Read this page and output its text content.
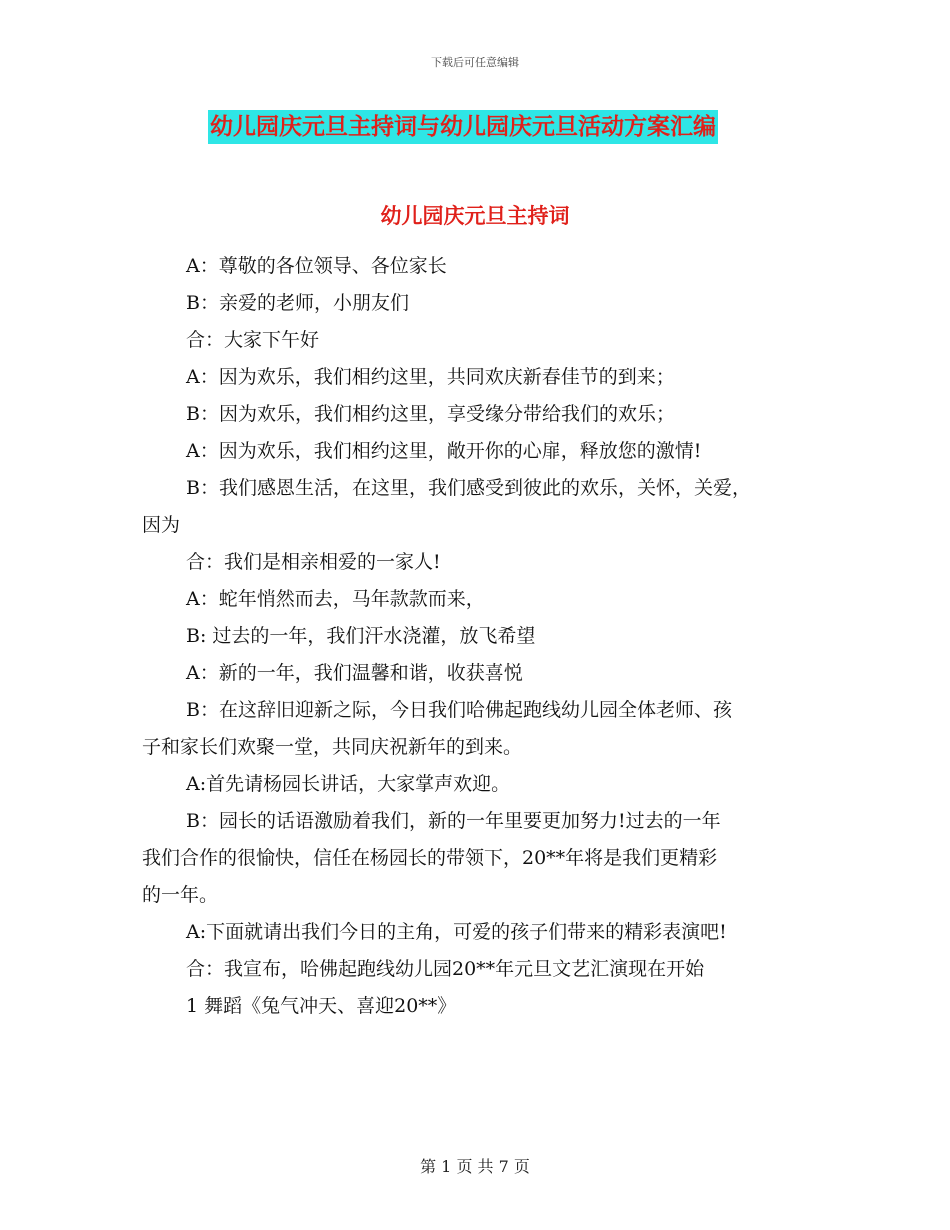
下载后可任意编辑
幼儿园庆元旦主持词与幼儿园庆元旦活动方案汇编
幼儿园庆元旦主持词

A：尊敬的各位领导、各位家长

B：亲爱的老师，小朋友们

合：大家下午好

A：因为欢乐，我们相约这里，共同欢庆新春佳节的到来；

B：因为欢乐，我们相约这里，享受缘分带给我们的欢乐；

A：因为欢乐，我们相约这里，敞开你的心扉，释放您的激情!

B：我们感恩生活，在这里，我们感受到彼此的欢乐，关怀，关爱，
因为

合：我们是相亲相爱的一家人!

A：蛇年悄然而去，马年款款而来，

B: 过去的一年，我们汗水浇灌，放飞希望

A：新的一年，我们温馨和谐，收获喜悦

B：在这辞旧迎新之际，今日我们哈佛起跑线幼儿园全体老师、孩
子和家长们欢聚一堂，共同庆祝新年的到来。

A:首先请杨园长讲话，大家掌声欢迎。

B：园长的话语激励着我们，新的一年里要更加努力!过去的一年
我们合作的很愉快，信任在杨园长的带领下，20**年将是我们更精彩
的一年。

A:下面就请出我们今日的主角，可爱的孩子们带来的精彩表演吧!

合：我宣布，哈佛起跑线幼儿园20**年元旦文艺汇演现在开始

1 舞蹈《兔气冲天、喜迎20**》

第 1 页 共 7 页
